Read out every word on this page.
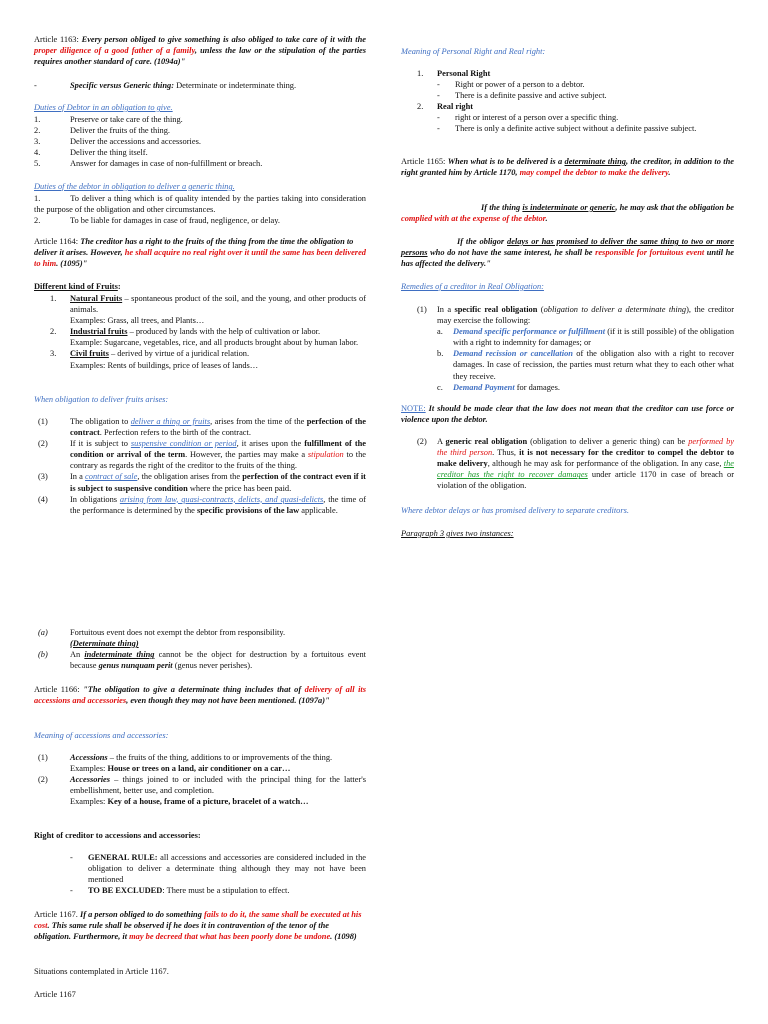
Article 1163: Every person obliged to give something is also obliged to take care of it with the proper diligence of a good father of a family, unless the law or the stipulation of the parties requires another standard of care. (1094a)"

-	Specific versus Generic thing: Determinate or indeterminate thing.

Duties of Debtor in an obligation to give.

1.	Preserve or take care of the thing.
2.	Deliver the fruits of the thing.
3.	Deliver the accessions and accessories.
4.	Deliver the thing itself.
5.	Answer for damages in case of non-fulfillment or breach.

Duties of the debtor in obligation to deliver a generic thing.

1.	To deliver a thing which is of quality intended by the parties taking into consideration the purpose of the obligation and other circumstances.

2.	To be liable for damages in case of fraud, negligence, or delay.

Article 1164: The creditor has a right to the fruits of the thing from the time the obligation to deliver it arises. However, he shall acquire no real right over it until the same has been delivered to him. (1095)"

Different kind of Fruits:

1. Natural Fruits – spontaneous product of the soil, and the young, and other products of animals.
Examples: Grass, all trees, and Plants…
2. Industrial fruits – produced by lands with the help of cultivation or labor.
Example: Sugarcane, vegetables, rice, and all products brought about by human labor.
3. Civil fruits – derived by virtue of a juridical relation.
Examples: Rents of buildings, price of leases of lands…

When obligation to deliver fruits arises:

(1)	The obligation to deliver a thing or fruits, arises from the time of the perfection of the contract. Perfection refers to the birth of the contract.
(2)	If it is subject to suspensive condition or period, it arises upon the fulfillment of the condition or arrival of the term. However, the parties may make a stipulation to the contrary as regards the right of the creditor to the fruits of the thing.
(3)	In a contract of sale, the obligation arises from the perfection of the contract even if it is subject to suspensive condition where the price has been paid.
(4)	In obligations arising from law, quasi-contracts, delicts, and quasi-delicts, the time of the performance is determined by the specific provisions of the law applicable.
(a)	Fortuitous event does not exempt the debtor from responsibility.
(Determinate thing)
(b)	An indeterminate thing cannot be the object for destruction by a fortuitous event because genus nunquam perit (genus never perishes).

Article 1166: "The obligation to give a determinate thing includes that of delivery of all its accessions and accessories, even though they may not have been mentioned. (1097a)"

Meaning of accessions and accessories:

(1)	Accessions – the fruits of the thing, additions to or improvements of the thing.
Examples: House or trees on a land, air conditioner on a car…
(2)	Accessories – things joined to or included with the principal thing for the latter's embellishment, better use, and completion.
Examples: Key of a house, frame of a picture, bracelet of a watch…

Right of creditor to accessions and accessories:

- GENERAL RULE: all accessions and accessories are considered included in the obligation to deliver a determinate thing although they may not have been mentioned
- TO BE EXCLUDED: There must be a stipulation to effect.

Article 1167. If a person obliged to do something fails to do it, the same shall be executed at his cost. This same rule shall be observed if he does it in contravention of the tenor of the obligation. Furthermore, it may be decreed that what has been poorly done be undone. (1098)

Situations contemplated in Article 1167.

Article 1167

Meaning of Personal Right and Real right:

1. Personal Right
- Right or power of a person to a debtor.
- There is a definite passive and active subject.
2. Real right
- right or interest of a person over a specific thing.
- There is only a definite active subject without a definite passive subject.

Article 1165: When what is to be delivered is a determinate thing, the creditor, in addition to the right granted him by Article 1170, may compel the debtor to make the delivery.

If the thing is indeterminate or generic, he may ask that the obligation be complied with at the expense of the debtor.

If the obligor delays or has promised to deliver the same thing to two or more persons who do not have the same interest, he shall be responsible for fortuitous event until he has affected the delivery."

Remedies of a creditor in Real Obligation:

(1) In a specific real obligation (obligation to deliver a determinate thing), the creditor may exercise the following:
a. Demand specific performance or fulfillment (if it is still possible) of the obligation with a right to indemnity for damages; or
b. Demand recission or cancellation of the obligation also with a right to recover damages. In case of recission, the parties must return what they to each other what they receive.
c. Demand Payment for damages.

NOTE: It should be made clear that the law does not mean that the creditor can use force or violence upon the debtor.

(2) A generic real obligation (obligation to deliver a generic thing) can be performed by the third person. Thus, it is not necessary for the creditor to compel the debtor to make delivery, although he may ask for performance of the obligation. In any case, the creditor has the right to recover damages under article 1170 in case of breach or violation of the obligation.

Where debtor delays or has promised delivery to separate creditors.

Paragraph 3 gives two instances:
